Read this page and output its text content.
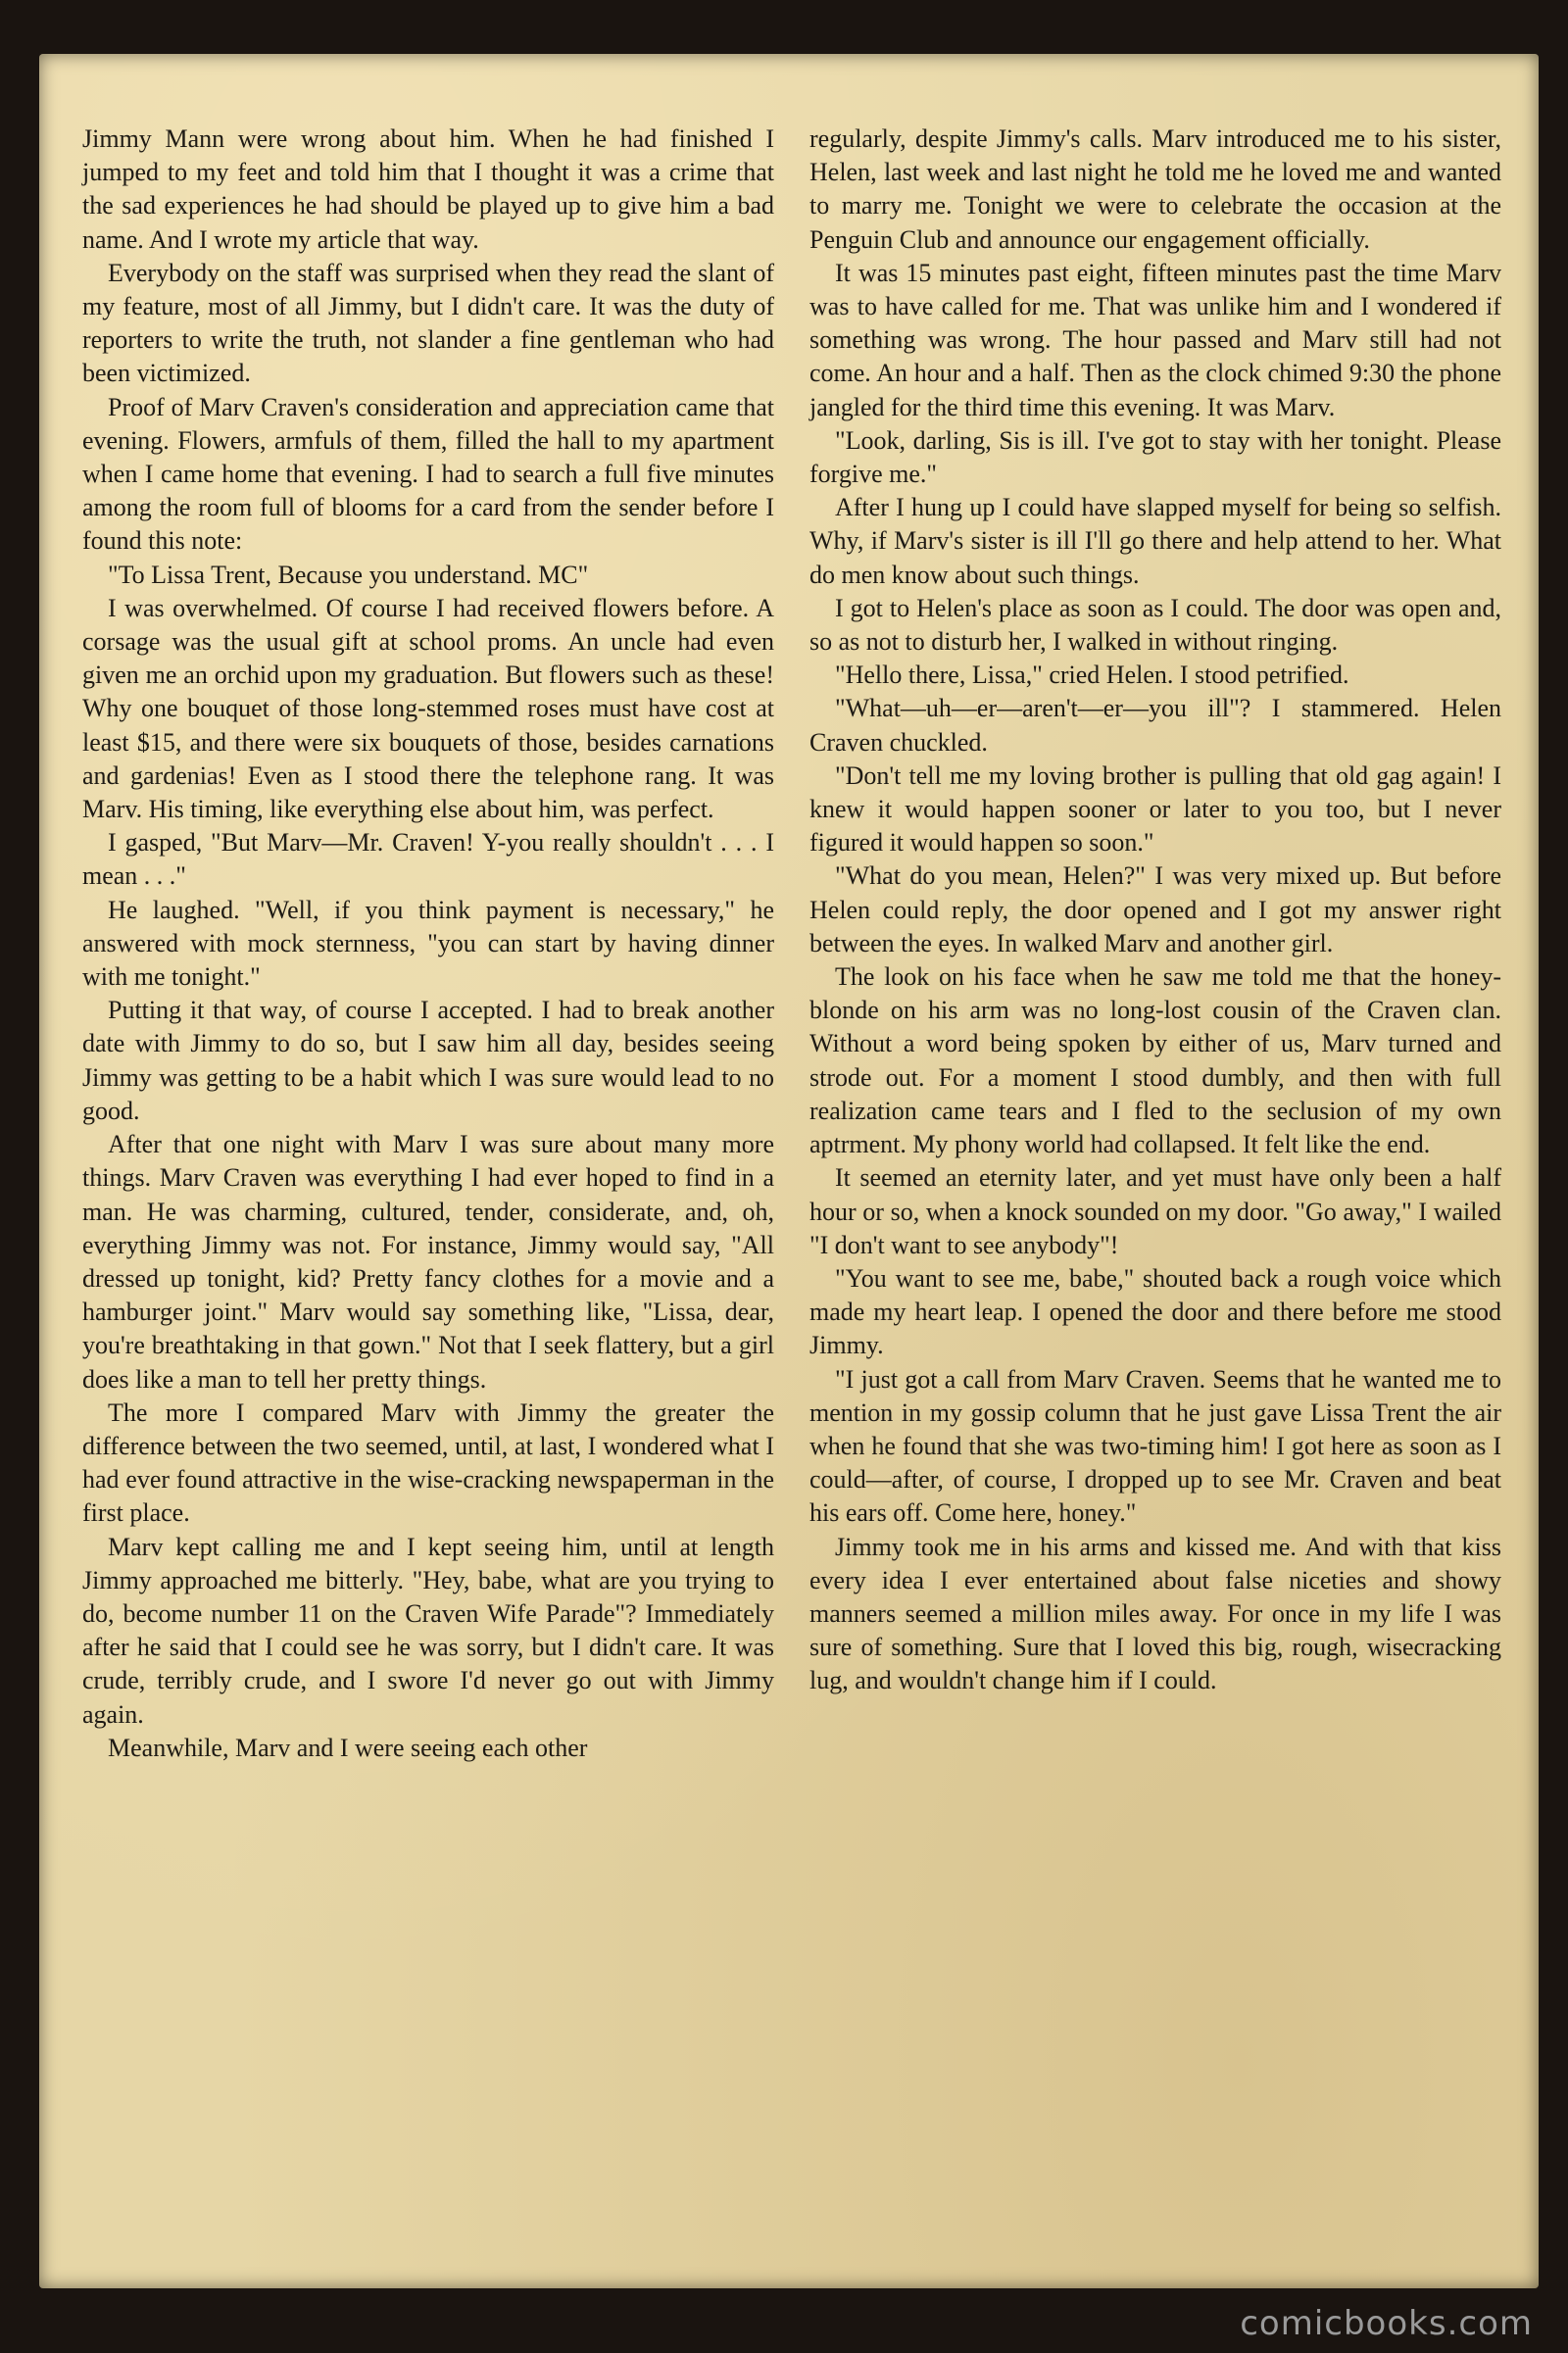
Jimmy Mann were wrong about him. When he had finished I jumped to my feet and told him that I thought it was a crime that the sad experiences he had should be played up to give him a bad name. And I wrote my article that way.

Everybody on the staff was surprised when they read the slant of my feature, most of all Jimmy, but I didn't care. It was the duty of reporters to write the truth, not slander a fine gentleman who had been victimized.

Proof of Marv Craven's consideration and appreciation came that evening. Flowers, armfuls of them, filled the hall to my apartment when I came home that evening. I had to search a full five minutes among the room full of blooms for a card from the sender before I found this note:

"To Lissa Trent, Because you understand. MC"

I was overwhelmed. Of course I had received flowers before. A corsage was the usual gift at school proms. An uncle had even given me an orchid upon my graduation. But flowers such as these! Why one bouquet of those long-stemmed roses must have cost at least $15, and there were six bouquets of those, besides carnations and gardenias! Even as I stood there the telephone rang. It was Marv. His timing, like everything else about him, was perfect.

I gasped, "But Marv—Mr. Craven! Y-you really shouldn't . . . I mean . . ."

He laughed. "Well, if you think payment is necessary," he answered with mock sternness, "you can start by having dinner with me tonight."

Putting it that way, of course I accepted. I had to break another date with Jimmy to do so, but I saw him all day, besides seeing Jimmy was getting to be a habit which I was sure would lead to no good.

After that one night with Marv I was sure about many more things. Marv Craven was everything I had ever hoped to find in a man. He was charming, cultured, tender, considerate, and, oh, everything Jimmy was not. For instance, Jimmy would say, "All dressed up tonight, kid? Pretty fancy clothes for a movie and a hamburger joint." Marv would say something like, "Lissa, dear, you're breathtaking in that gown." Not that I seek flattery, but a girl does like a man to tell her pretty things.

The more I compared Marv with Jimmy the greater the difference between the two seemed, until, at last, I wondered what I had ever found attractive in the wise-cracking newspaperman in the first place.

Marv kept calling me and I kept seeing him, until at length Jimmy approached me bitterly. "Hey, babe, what are you trying to do, become number 11 on the Craven Wife Parade"? Immediately after he said that I could see he was sorry, but I didn't care. It was crude, terribly crude, and I swore I'd never go out with Jimmy again.

Meanwhile, Marv and I were seeing each other

regularly, despite Jimmy's calls. Marv introduced me to his sister, Helen, last week and last night he told me he loved me and wanted to marry me. Tonight we were to celebrate the occasion at the Penguin Club and announce our engagement officially.

It was 15 minutes past eight, fifteen minutes past the time Marv was to have called for me. That was unlike him and I wondered if something was wrong. The hour passed and Marv still had not come. An hour and a half. Then as the clock chimed 9:30 the phone jangled for the third time this evening. It was Marv.

"Look, darling, Sis is ill. I've got to stay with her tonight. Please forgive me."

After I hung up I could have slapped myself for being so selfish. Why, if Marv's sister is ill I'll go there and help attend to her. What do men know about such things.

I got to Helen's place as soon as I could. The door was open and, so as not to disturb her, I walked in without ringing.

"Hello there, Lissa," cried Helen. I stood petrified.

"What—uh—er—aren't—er—you ill"? I stammered. Helen Craven chuckled.

"Don't tell me my loving brother is pulling that old gag again! I knew it would happen sooner or later to you too, but I never figured it would happen so soon."

"What do you mean, Helen?" I was very mixed up. But before Helen could reply, the door opened and I got my answer right between the eyes. In walked Marv and another girl.

The look on his face when he saw me told me that the honey-blonde on his arm was no long-lost cousin of the Craven clan. Without a word being spoken by either of us, Marv turned and strode out. For a moment I stood dumbly, and then with full realization came tears and I fled to the seclusion of my own aptrment. My phony world had collapsed. It felt like the end.

It seemed an eternity later, and yet must have only been a half hour or so, when a knock sounded on my door. "Go away," I wailed "I don't want to see anybody"!

"You want to see me, babe," shouted back a rough voice which made my heart leap. I opened the door and there before me stood Jimmy.

"I just got a call from Marv Craven. Seems that he wanted me to mention in my gossip column that he just gave Lissa Trent the air when he found that she was two-timing him! I got here as soon as I could—after, of course, I dropped up to see Mr. Craven and beat his ears off. Come here, honey."

Jimmy took me in his arms and kissed me. And with that kiss every idea I ever entertained about false niceties and showy manners seemed a million miles away. For once in my life I was sure of something. Sure that I loved this big, rough, wisecracking lug, and wouldn't change him if I could.

comicbooks.com
